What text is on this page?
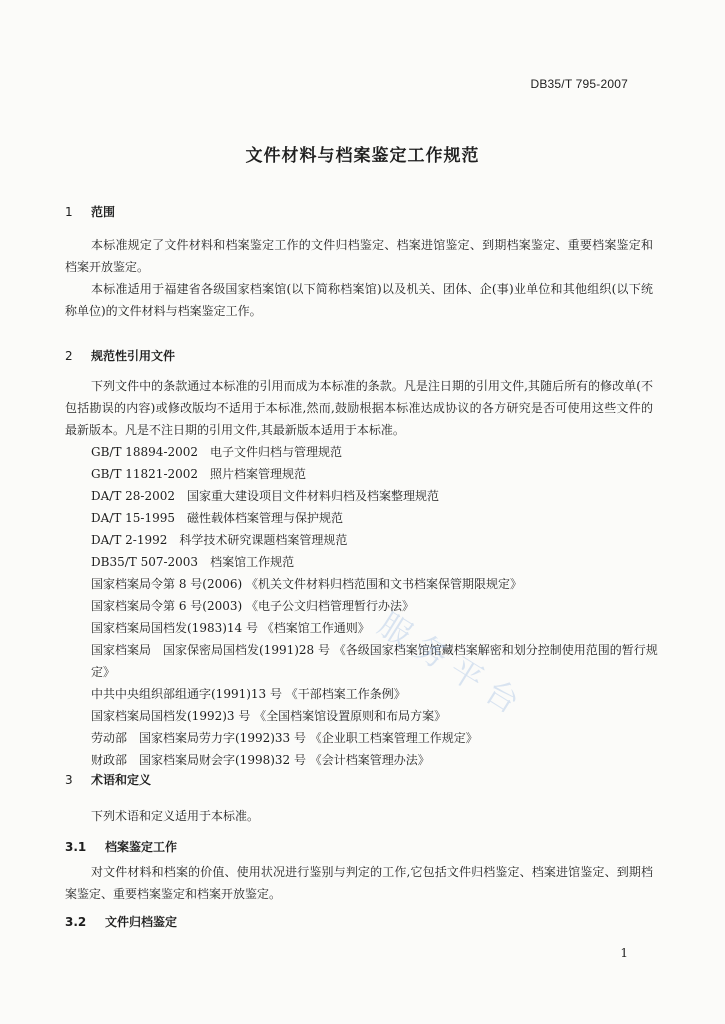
DB35/T 795-2007
文件材料与档案鉴定工作规范
1 范围

本标准规定了文件材料和档案鉴定工作的文件归档鉴定、档案进馆鉴定、到期档案鉴定、重要档案鉴定和档案开放鉴定。

本标准适用于福建省各级国家档案馆(以下简称档案馆)以及机关、团体、企(事)业单位和其他组织(以下统称单位)的文件材料与档案鉴定工作。

2 规范性引用文件

下列文件中的条款通过本标准的引用而成为本标准的条款。凡是注日期的引用文件,其随后所有的修改单(不包括勘误的内容)或修改版均不适用于本标准,然而,鼓励根据本标准达成协议的各方研究是否可使用这些文件的最新版本。凡是不注日期的引用文件,其最新版本适用于本标准。

GB/T 18894-2002　电子文件归档与管理规范
GB/T 11821-2002　照片档案管理规范
DA/T 28-2002　国家重大建设项目文件材料归档及档案整理规范
DA/T 15-1995　磁性载体档案管理与保护规范
DA/T 2-1992　科学技术研究课题档案管理规范
DB35/T 507-2003　档案馆工作规范
国家档案局令第 8 号(2006) 《机关文件材料归档范围和文书档案保管期限规定》
国家档案局令第 6 号(2003) 《电子公文归档管理暂行办法》
国家档案局国档发(1983)14 号 《档案馆工作通则》
国家档案局　国家保密局国档发(1991)28 号 《各级国家档案馆馆藏档案解密和划分控制使用范围的暂行规定》
中共中央组织部组通字(1991)13 号 《干部档案工作条例》
国家档案局国档发(1992)3 号 《全国档案馆设置原则和布局方案》
劳动部　国家档案局劳力字(1992)33 号 《企业职工档案管理工作规定》
财政部　国家档案局财会字(1998)32 号 《会计档案管理办法》
3 术语和定义

下列术语和定义适用于本标准。

3.1 档案鉴定工作

对文件材料和档案的价值、使用状况进行鉴别与判定的工作,它包括文件归档鉴定、档案进馆鉴定、到期档案鉴定、重要档案鉴定和档案开放鉴定。

3.2 文件归档鉴定
1
服务平台
